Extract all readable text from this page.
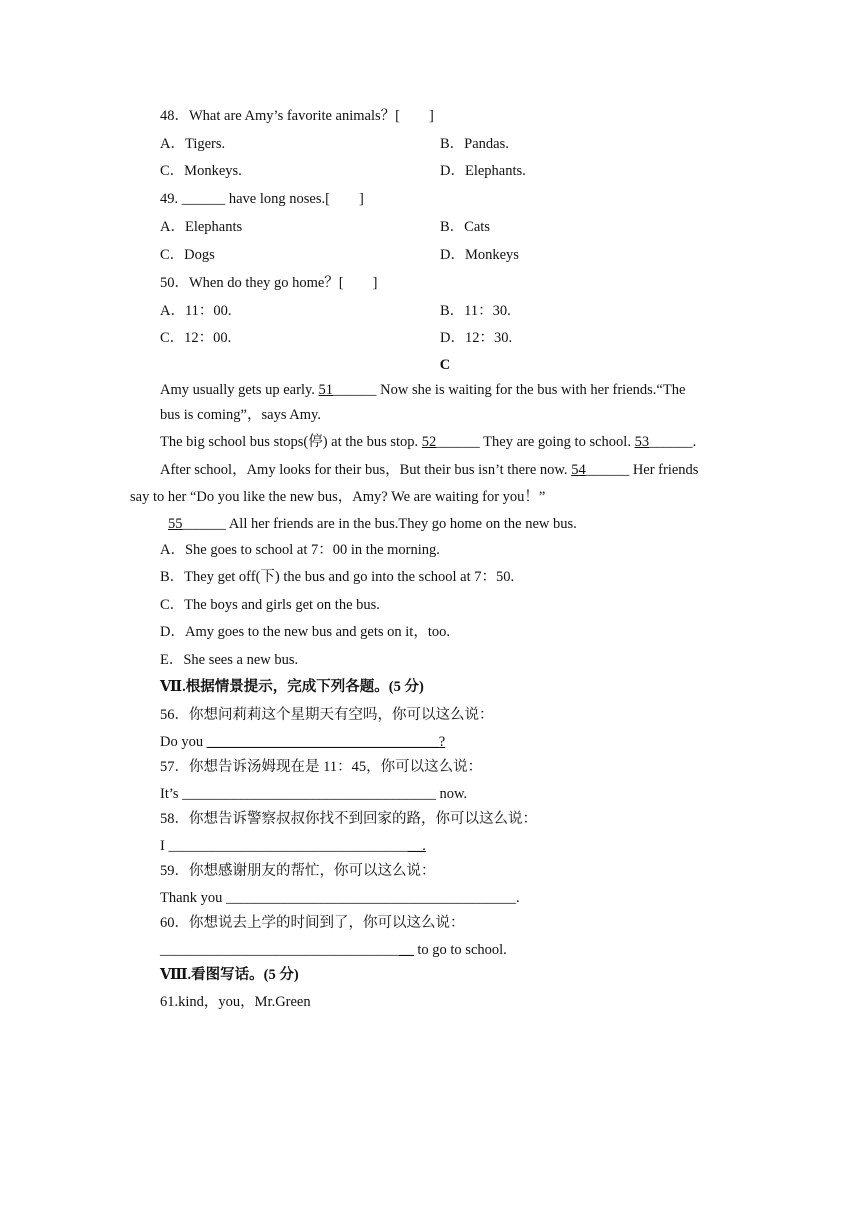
48．What are Amy’s favorite animals？[　　]
A．Tigers.	B．Pandas.
C．Monkeys.	D．Elephants.
49. ______ have long noses.[　　]
A．Elephants	B．Cats
C．Dogs	D．Monkeys
50．When do they go home？[　　]
A．11：00.	B．11：30.
C．12：00.	D．12：30.
C
Amy usually gets up early. 51______ Now she is waiting for the bus with her friends.“The
bus is coming”，says Amy.
The big school bus stops(停) at the bus stop. 52______ They are going to school. 53______.
After school，Amy looks for their bus，But their bus isn’t there now. 54______ Her friends
say to her “Do you like the new bus，Amy? We are waiting for you！”
55______ All her friends are in the bus.They go home on the new bus.
A．She goes to school at 7：00 in the morning.
B．They get off(下) the bus and go into the school at 7：50.
C．The boys and girls get on the bus.
D．Amy goes to the new bus and gets on it，too.
E．She sees a new bus.
Ⅶ.根据情景提示，完成下列各题。(5 分)
56．你想问莉莉这个星期天有空吗，你可以这么说：
Do you ________________________________?
57．你想告诉汤姆现在是 11：45，你可以这么说：
It’s ___________________________________ now.
58．你想告诉警察叔叔你找不到回家的路，你可以这么说：
I ___________________________________.
59．你想感谢朋友的帮忙，你可以这么说：
Thank you ________________________________________.
60．你想说去上学的时间到了，你可以这么说：
___________________________________ to go to school.
Ⅷ.看图写话。(5 分)
61.kind，you，Mr.Green
